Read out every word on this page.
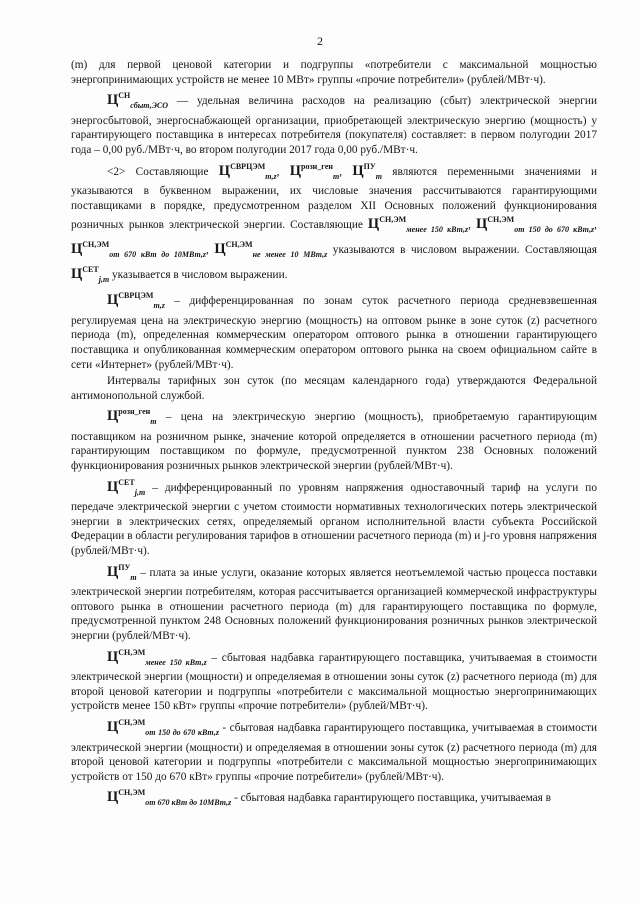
2

(m) для первой ценовой категории и подгруппы «потребители с максимальной мощностью энергопринимающих устройств не менее 10 МВт» группы «прочие потребители» (рублей/МВт·ч).

$Ц^{СН}_{сбыт,ЭСО}$ — удельная величина расходов на реализацию (сбыт) электрической энергии энергосбытовой, энергоснабжающей организации, приобретающей электрическую энергию (мощность) у гарантирующего поставщика в интересах потребителя (покупателя) составляет: в первом полугодии 2017 года – 0,00 руб./МВт·ч, во втором полугодии 2017 года 0,00 руб./МВт·ч.

<2> Составляющие $Ц^{СВРЦЭМ}_{m,z}$, $Ц^{розн\_ген}_m$, $Ц^{ПУ}_m$ являются переменными значениями и указываются в буквенном выражении, их числовые значения рассчитываются гарантирующими поставщиками в порядке, предусмотренном разделом XII Основных положений функционирования розничных рынков электрической энергии. Составляющие $Ц^{СН,ЭМ}_{менее 150 кВт,z}$, $Ц^{СН,ЭМ}_{от 150 до 670 кВт,z}$, $Ц^{СН,ЭМ}_{от 670 кВт до 10МВт,z}$, $Ц^{СН,ЭМ}_{не менее 10 МВт,z}$ указываются в числовом выражении. Составляющая $Ц^{СЕТ}_{j,m}$ указывается в числовом выражении.

$Ц^{СВРЦЭМ}_{m,z}$ – дифференцированная по зонам суток расчетного периода средневзвешенная регулируемая цена на электрическую энергию (мощность) на оптовом рынке в зоне суток (z) расчетного периода (m), определенная коммерческим оператором оптового рынка в отношении гарантирующего поставщика и опубликованная коммерческим оператором оптового рынка на своем официальном сайте в сети «Интернет» (рублей/МВт·ч).

Интервалы тарифных зон суток (по месяцам календарного года) утверждаются Федеральной антимонопольной службой.

$Ц^{розн\_ген}_m$ – цена на электрическую энергию (мощность), приобретаемую гарантирующим поставщиком на розничном рынке, значение которой определяется в отношении расчетного периода (m) гарантирующим поставщиком по формуле, предусмотренной пунктом 238 Основных положений функционирования розничных рынков электрической энергии (рублей/МВт·ч).

$Ц^{СЕТ}_{j,m}$ – дифференцированный по уровням напряжения одноставочный тариф на услуги по передаче электрической энергии с учетом стоимости нормативных технологических потерь электрической энергии в электрических сетях, определяемый органом исполнительной власти субъекта Российской Федерации в области регулирования тарифов в отношении расчетного периода (m) и j-го уровня напряжения (рублей/МВт·ч).

$Ц^{ПУ}_m$ – плата за иные услуги, оказание которых является неотъемлемой частью процесса поставки электрической энергии потребителям, которая рассчитывается организацией коммерческой инфраструктуры оптового рынка в отношении расчетного периода (m) для гарантирующего поставщика по формуле, предусмотренной пунктом 248 Основных положений функционирования розничных рынков электрической энергии (рублей/МВт·ч).

$Ц^{СН,ЭМ}_{менее 150 кВт,z}$ – сбытовая надбавка гарантирующего поставщика, учитываемая в стоимости электрической энергии (мощности) и определяемая в отношении зоны суток (z) расчетного периода (m) для второй ценовой категории и подгруппы «потребители с максимальной мощностью энергопринимающих устройств менее 150 кВт» группы «прочие потребители» (рублей/МВт·ч).

$Ц^{СН,ЭМ}_{от 150 до 670 кВт,z}$ - сбытовая надбавка гарантирующего поставщика, учитываемая в стоимости электрической энергии (мощности) и определяемая в отношении зоны суток (z) расчетного периода (m) для второй ценовой категории и подгруппы «потребители с максимальной мощностью энергопринимающих устройств от 150 до 670 кВт» группы «прочие потребители» (рублей/МВт·ч).

$Ц^{СН,ЭМ}_{от 670 кВт до 10МВт,z}$ - сбытовая надбавка гарантирующего поставщика, учитываемая в
